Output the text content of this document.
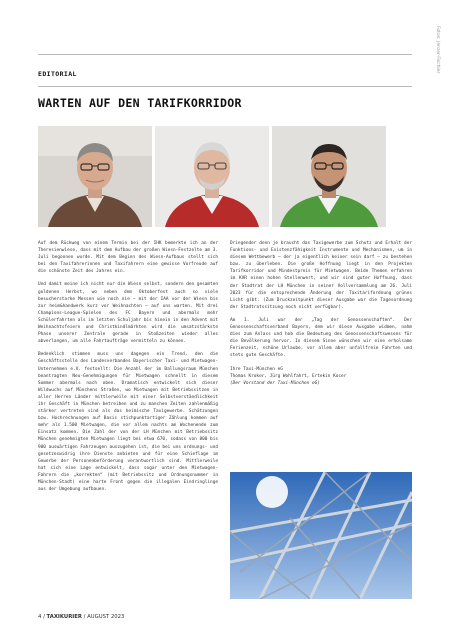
EDITORIAL
WARTEN AUF DEN TARIFKORRIDOR
Fotos: Jenzer-Fischler

Auf dem Rückweg von einem Termin bei der IHK bemerkte ich an der Theresienwiese, dass mit dem Aufbau der großen Wiesn-Festzelte am 3. Juli begonnen wurde. Mit dem Beginn des Wiesn-Aufbaus stellt sich bei den Taxifahrerinnen und Taxifahrern eine gewisse Vorfreude auf die schönste Zeit des Jahres ein.

Und damit meine ich nicht nur die Wiesn selbst, sondern den gesamten goldenen Herbst, wo neben dem Oktoberfest auch so viele besucherstarke Messen wie noch nie – mit der IAA vor der Wiesn bis zur heim&handwerk kurz vor Weihnachten – auf uns warten. Mit drei Champions-League-Spielen des FC Bayern und abermals mehr Schülerfahrten als im letzten Schuljahr bis hinein in den Advent mit Weihnachtsfeiern und Christkindlmärkten wird die umsatzstärkste Phase unserer Zentrale gerade in Stoßzeiten wieder alles abverlangen, um alle Fahrtaufträge vermitteln zu können.

Bedenklich stimmen muss uns dagegen ein Trend, den die Geschäftsstelle des Landesverbandes Bayerischer Taxi- und Mietwagen-Unternehmen e.V. festsellt: Die Anzahl der im Ballungsraum München beantragten Neu-Genehmigungen für Mietwagen schnellt in diesem Sommer abermals nach oben. Dramatisch entwickelt sich dieser Wildwuchs auf Münchens Straßen, wo Mietwagen mit Betriebssitzen in aller Herren Länder mittlerweile mit einer Selbstverständlichkeit ihr Geschäft in München betreiben und zu manchen Zeiten zahlenmäßig stärker vertreten sind als das heimische Taxigewerbe. Schätzungen bzw. Hochrechnungen auf Basis stichpunktartiger Zählung kommen auf mehr als 1.500 Mietwagen, die vor allem nachts am Wochenende zum Einsatz kommen. Die Zahl der von der LH München mit Betriebssitz München genehmigten Mietwagen liegt bei etwa 670, sodass von 800 bis 900 auswärtigen Fahrzeugen auszugehen ist, die bei uns ordnungs- und gesetzeswidrig ihre Dienste anbieten und für eine Schieflage im Gewerbe der Personenbeförderung verantwortlich sind. Mittlerweile hat sich eine Lage entwickelt, dass sogar unter den Mietwagen-Fahrern die „korrekten“ (mit Betriebssitz und Ordnungsnummer in München-Stadt) eine harte Front gegen die illegalen Eindringlinge aus der Umgebung aufbauen.

Dringender denn je braucht das Taxigewerbe zum Schutz und Erhalt der Funktions- und Existenzfähigkeit Instrumente und Mechanismen, um in diesem Wettbewerb – der ja eigentlich keiner sein darf – zu bestehen bzw. zu überleben. Die große Hoffnung liegt in den Projekten Tarifkorridor und Mindestpreis für Mietwagen. Beide Themen erfahren im KVR einen hohen Stellenwert, und wir sind guter Hoffnung, dass der Stadtrat der LH München in seiner Vollversammlung am 26. Juli 2023 für die entsprechende Änderung der Taxitarifordnung grünes Licht gibt. (Zum Druckzeitpunkt dieser Ausgabe war die Tagesordnung der Stadtratssitzung noch nicht verfügbar).

Am 1. Juli war der „Tag der Genossenschaften“. Der Genossenschaftsverband Bayern, dem wir diese Ausgabe widmen, nahm dies zum Anlass und hob die Bedeutung des Genossenschaftswesens für die Bevölkerung hervor. In diesem Sinne wünschen wir eine erholsame Ferienzeit, schöne Urlaube, vor allem aber unfallfreie Fahrten und stets gute Geschäfte.

Ihre Taxi-München eG

Thomas Kroker, Jürg Wohlfahrt, Ertekin Kocer

(Der Vorstand der Taxi-München eG)

4 / TAXIKURIER / AUGUST 2023
